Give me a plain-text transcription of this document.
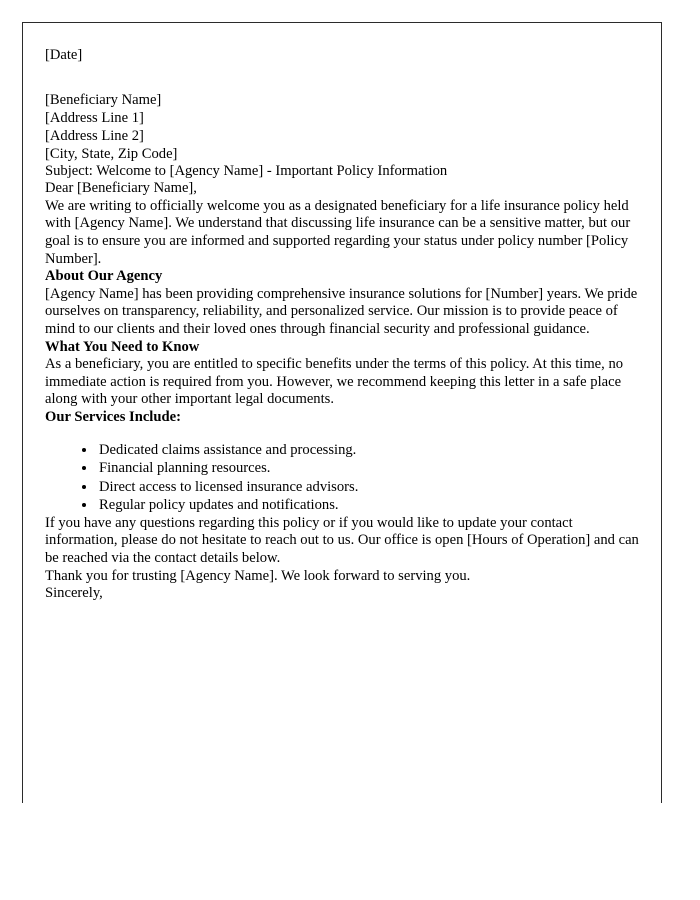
[Date]

[Beneficiary Name]

[Address Line 1]

[Address Line 2]

[City, State, Zip Code]

Subject: Welcome to [Agency Name] - Important Policy Information

Dear [Beneficiary Name],

We are writing to officially welcome you as a designated beneficiary for a life insurance policy held with [Agency Name]. We understand that discussing life insurance can be a sensitive matter, but our goal is to ensure you are informed and supported regarding your status under policy number [Policy Number].

About Our Agency

[Agency Name] has been providing comprehensive insurance solutions for [Number] years. We pride ourselves on transparency, reliability, and personalized service. Our mission is to provide peace of mind to our clients and their loved ones through financial security and professional guidance.

What You Need to Know

As a beneficiary, you are entitled to specific benefits under the terms of this policy. At this time, no immediate action is required from you. However, we recommend keeping this letter in a safe place along with your other important legal documents.

Our Services Include:

• Dedicated claims assistance and processing.
• Financial planning resources.
• Direct access to licensed insurance advisors.
• Regular policy updates and notifications.

If you have any questions regarding this policy or if you would like to update your contact information, please do not hesitate to reach out to us. Our office is open [Hours of Operation] and can be reached via the contact details below.

Thank you for trusting [Agency Name]. We look forward to serving you.

Sincerely,
